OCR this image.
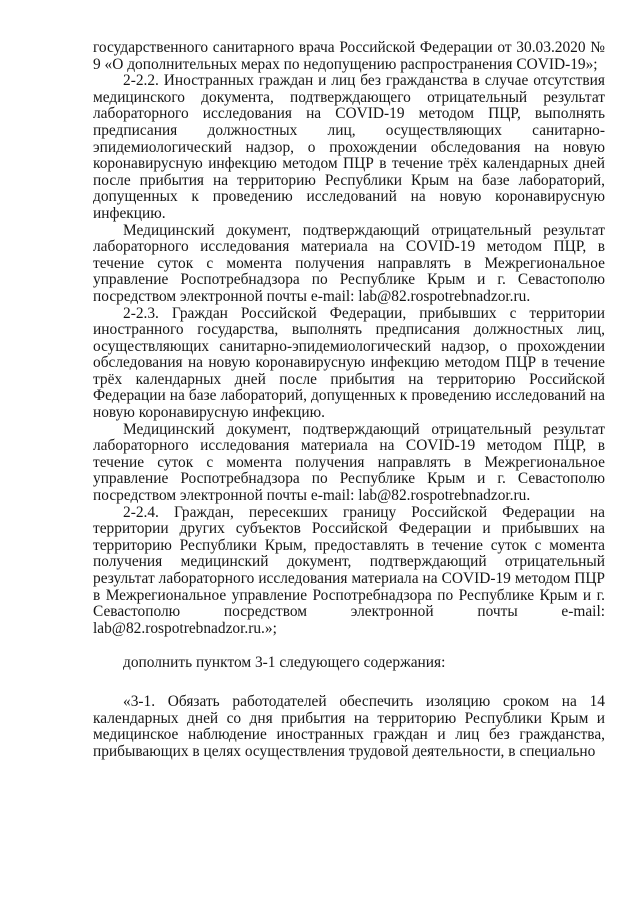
государственного санитарного врача Российской Федерации от 30.03.2020 № 9 «О дополнительных мерах по недопущению распространения COVID-19»;

2-2.2. Иностранных граждан и лиц без гражданства в случае отсутствия медицинского документа, подтверждающего отрицательный результат лабораторного исследования на COVID-19 методом ПЦР, выполнять предписания должностных лиц, осуществляющих санитарно-эпидемиологический надзор, о прохождении обследования на новую коронавирусную инфекцию методом ПЦР в течение трёх календарных дней после прибытия на территорию Республики Крым на базе лабораторий, допущенных к проведению исследований на новую коронавирусную инфекцию.

Медицинский документ, подтверждающий отрицательный результат лабораторного исследования материала на COVID-19 методом ПЦР, в течение суток с момента получения направлять в Межрегиональное управление Роспотребнадзора по Республике Крым и г. Севастополю посредством электронной почты e-mail: lab@82.rospotrebnadzor.ru.

2-2.3. Граждан Российской Федерации, прибывших с территории иностранного государства, выполнять предписания должностных лиц, осуществляющих санитарно-эпидемиологический надзор, о прохождении обследования на новую коронавирусную инфекцию методом ПЦР в течение трёх календарных дней после прибытия на территорию Российской Федерации на базе лабораторий, допущенных к проведению исследований на новую коронавирусную инфекцию.

Медицинский документ, подтверждающий отрицательный результат лабораторного исследования материала на COVID-19 методом ПЦР, в течение суток с момента получения направлять в Межрегиональное управление Роспотребнадзора по Республике Крым и г. Севастополю посредством электронной почты e-mail: lab@82.rospotrebnadzor.ru.

2-2.4. Граждан, пересекших границу Российской Федерации на территории других субъектов Российской Федерации и прибывших на территорию Республики Крым, предоставлять в течение суток с момента получения медицинский документ, подтверждающий отрицательный результат лабораторного исследования материала на COVID-19 методом ПЦР в Межрегиональное управление Роспотребнадзора по Республике Крым и г. Севастополю посредством электронной почты e-mail: lab@82.rospotrebnadzor.ru.»;

дополнить пунктом 3-1 следующего содержания:

«3-1. Обязать работодателей обеспечить изоляцию сроком на 14 календарных дней со дня прибытия на территорию Республики Крым и медицинское наблюдение иностранных граждан и лиц без гражданства, прибывающих в целях осуществления трудовой деятельности, в специально
